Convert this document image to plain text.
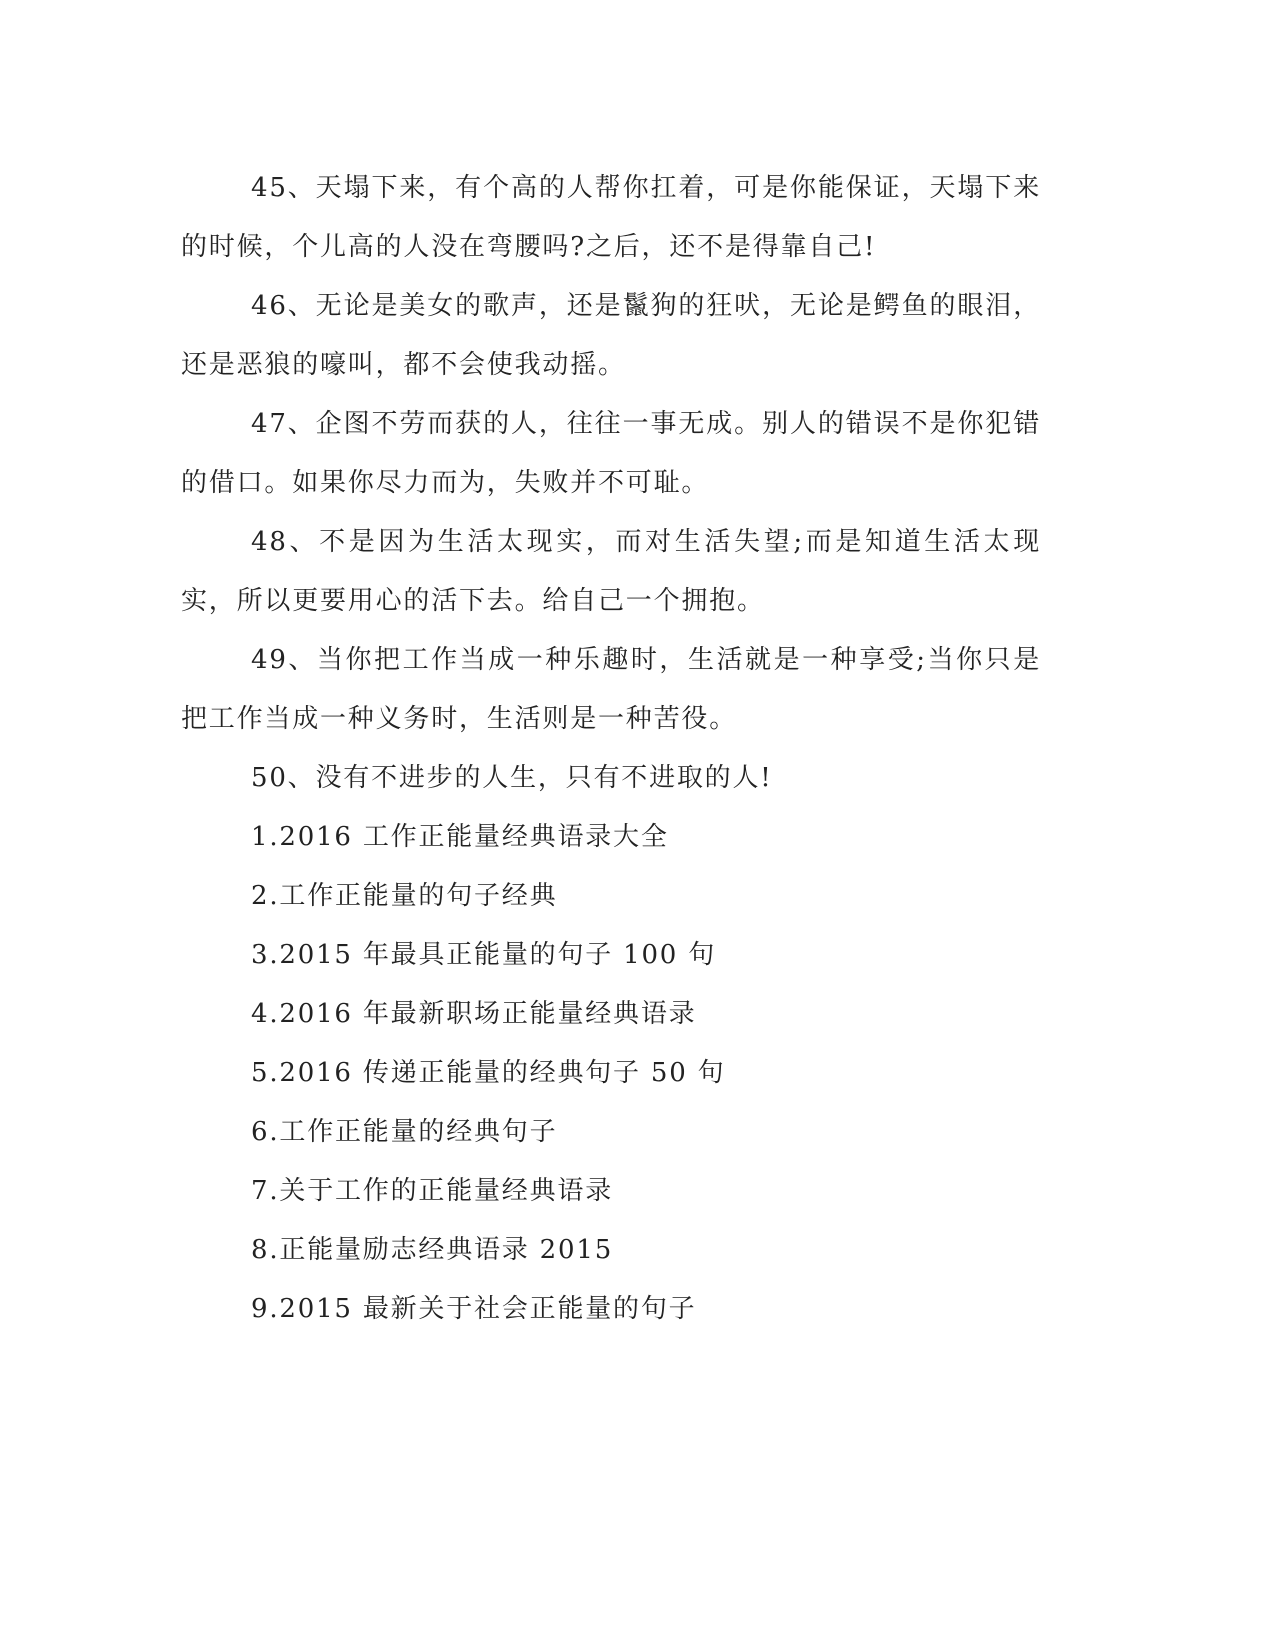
45、天塌下来，有个高的人帮你扛着，可是你能保证，天塌下来的时候，个儿高的人没在弯腰吗?之后，还不是得靠自己!

46、无论是美女的歌声，还是鬣狗的狂吠，无论是鳄鱼的眼泪，还是恶狼的嚎叫，都不会使我动摇。

47、企图不劳而获的人，往往一事无成。别人的错误不是你犯错的借口。如果你尽力而为，失败并不可耻。

48、不是因为生活太现实，而对生活失望;而是知道生活太现实，所以更要用心的活下去。给自己一个拥抱。

49、当你把工作当成一种乐趣时，生活就是一种享受;当你只是把工作当成一种义务时，生活则是一种苦役。

50、没有不进步的人生，只有不进取的人!

1.2016 工作正能量经典语录大全

2.工作正能量的句子经典

3.2015 年最具正能量的句子 100 句

4.2016 年最新职场正能量经典语录

5.2016 传递正能量的经典句子 50 句

6.工作正能量的经典句子

7.关于工作的正能量经典语录

8.正能量励志经典语录 2015

9.2015 最新关于社会正能量的句子
